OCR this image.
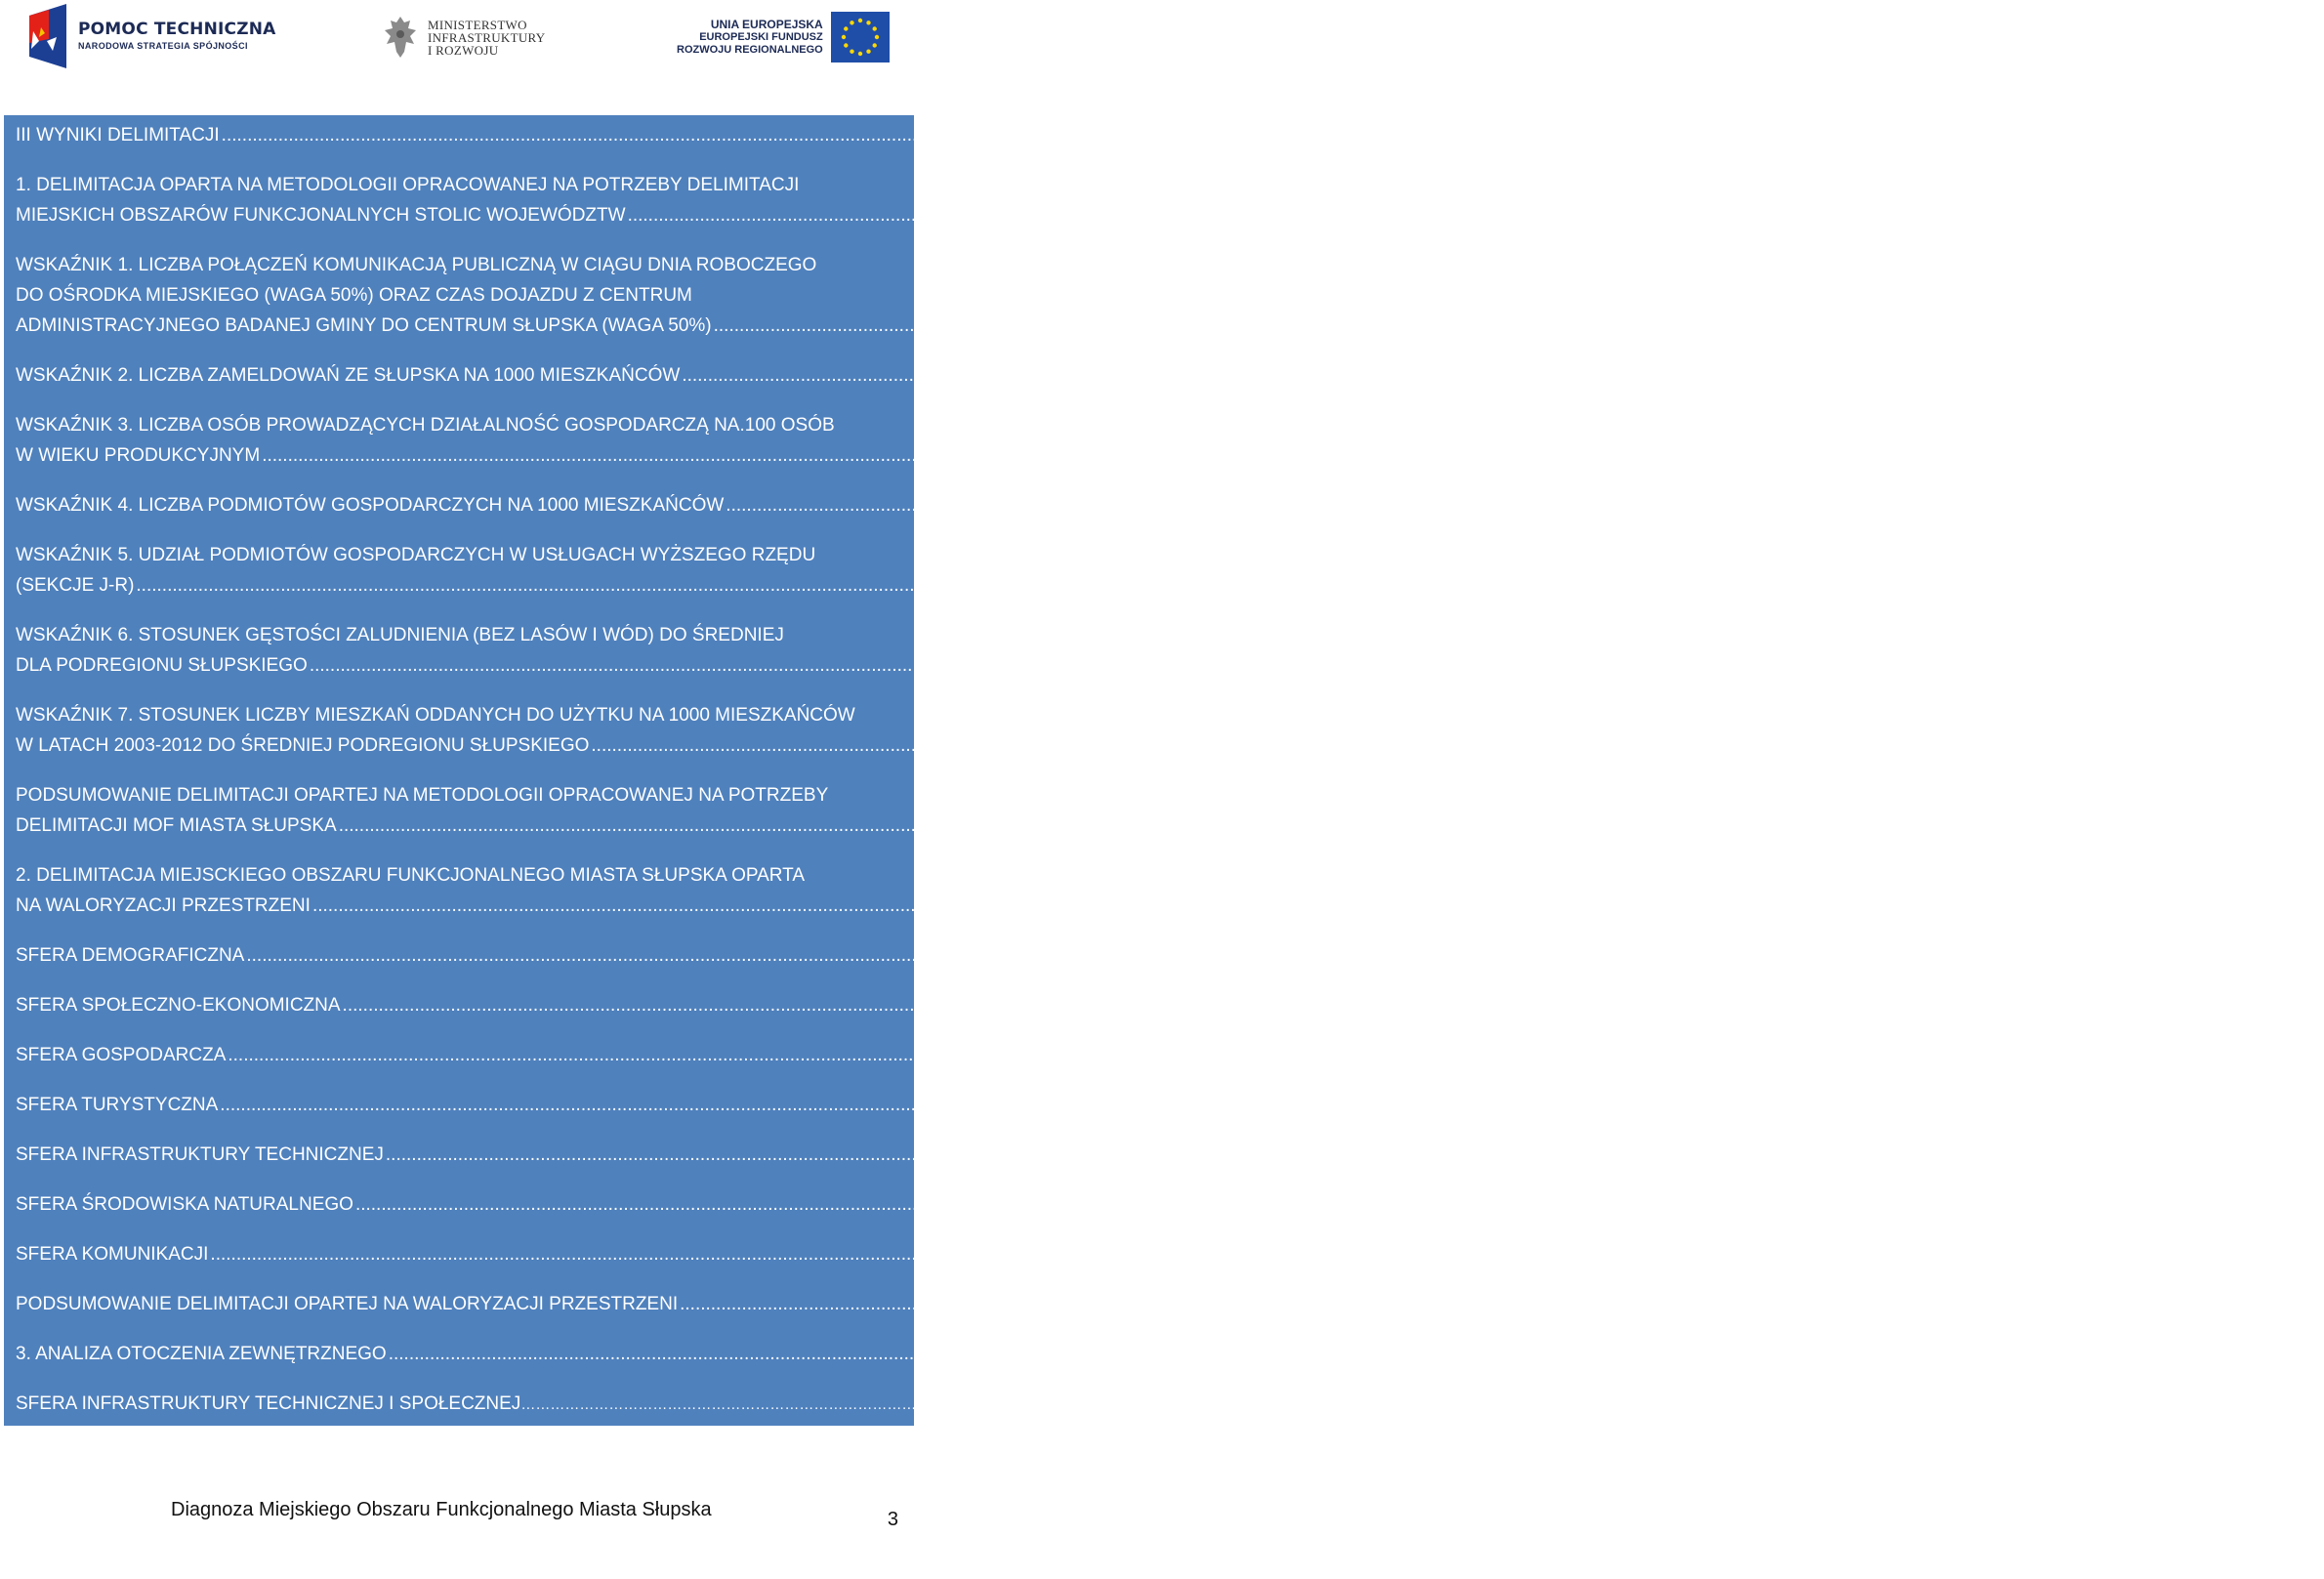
POMOC TECHNICZNA
NARODOWA STRATEGIA SPÓJNOŚCI
MINISTERSTWO
INFRASTRUKTURY
I ROZWOJU
UNIA EUROPEJSKA
EUROPEJSKI FUNDUSZ
ROZWOJU REGIONALNEGO
III WYNIKI DELIMITACJI .....	108
1. DELIMITACJA OPARTA NA METODOLOGII OPRACOWANEJ NA POTRZEBY DELIMITACJI
MIEJSKICH OBSZARÓW FUNKCJONALNYCH STOLIC WOJEWÓDZTW .....	108
WSKAŹNIK 1. LICZBA POŁĄCZEŃ KOMUNIKACJĄ PUBLICZNĄ W CIĄGU DNIA ROBOCZEGO
DO OŚRODKA MIEJSKIEGO (WAGA 50%) ORAZ CZAS DOJAZDU Z CENTRUM
ADMINISTRACYJNEGO BADANEJ GMINY DO CENTRUM SŁUPSKA (WAGA 50%) .....	109
WSKAŹNIK 2. LICZBA ZAMELDOWAŃ ZE SŁUPSKA NA 1000 MIESZKAŃCÓW .....	112
WSKAŹNIK 3. LICZBA OSÓB PROWADZĄCYCH DZIAŁALNOŚĆ GOSPODARCZĄ NA.100 OSÓB
W WIEKU PRODUKCYJNYM .....	113
WSKAŹNIK 4. LICZBA PODMIOTÓW GOSPODARCZYCH NA 1000 MIESZKAŃCÓW .....	116
WSKAŹNIK 5. UDZIAŁ PODMIOTÓW GOSPODARCZYCH W USŁUGACH WYŻSZEGO RZĘDU
(SEKCJE J-R) .....	118
WSKAŹNIK 6. STOSUNEK GĘSTOŚCI ZALUDNIENIA (BEZ LASÓW I WÓD) DO ŚREDNIEJ
DLA PODREGIONU SŁUPSKIEGO .....	120
WSKAŹNIK 7. STOSUNEK LICZBY MIESZKAŃ ODDANYCH DO UŻYTKU NA 1000 MIESZKAŃCÓW
W LATACH 2003-2012 DO ŚREDNIEJ PODREGIONU SŁUPSKIEGO .....	122
PODSUMOWANIE DELIMITACJI OPARTEJ NA METODOLOGII OPRACOWANEJ NA POTRZEBY
DELIMITACJI MOF MIASTA SŁUPSKA .....	124
2. DELIMITACJA MIEJSCKIEGO OBSZARU FUNKCJONALNEGO MIASTA SŁUPSKA OPARTA
NA WALORYZACJI PRZESTRZENI .....	127
SFERA DEMOGRAFICZNA .....	128
SFERA SPOŁECZNO-EKONOMICZNA .....	130
SFERA GOSPODARCZA .....	137
SFERA TURYSTYCZNA .....	141
SFERA INFRASTRUKTURY TECHNICZNEJ .....	144
SFERA ŚRODOWISKA NATURALNEGO .....	146
SFERA KOMUNIKACJI .....	148
PODSUMOWANIE DELIMITACJI OPARTEJ NA WALORYZACJI PRZESTRZENI .....	151
3. ANALIZA OTOCZENIA ZEWNĘTRZNEGO .....	154
SFERA INFRASTRUKTURY TECHNICZNEJ I SPOŁECZNEJ ………………………………………………………………………………………………………………………………… 155
Diagnoza Miejskiego Obszaru Funkcjonalnego Miasta Słupska	3
